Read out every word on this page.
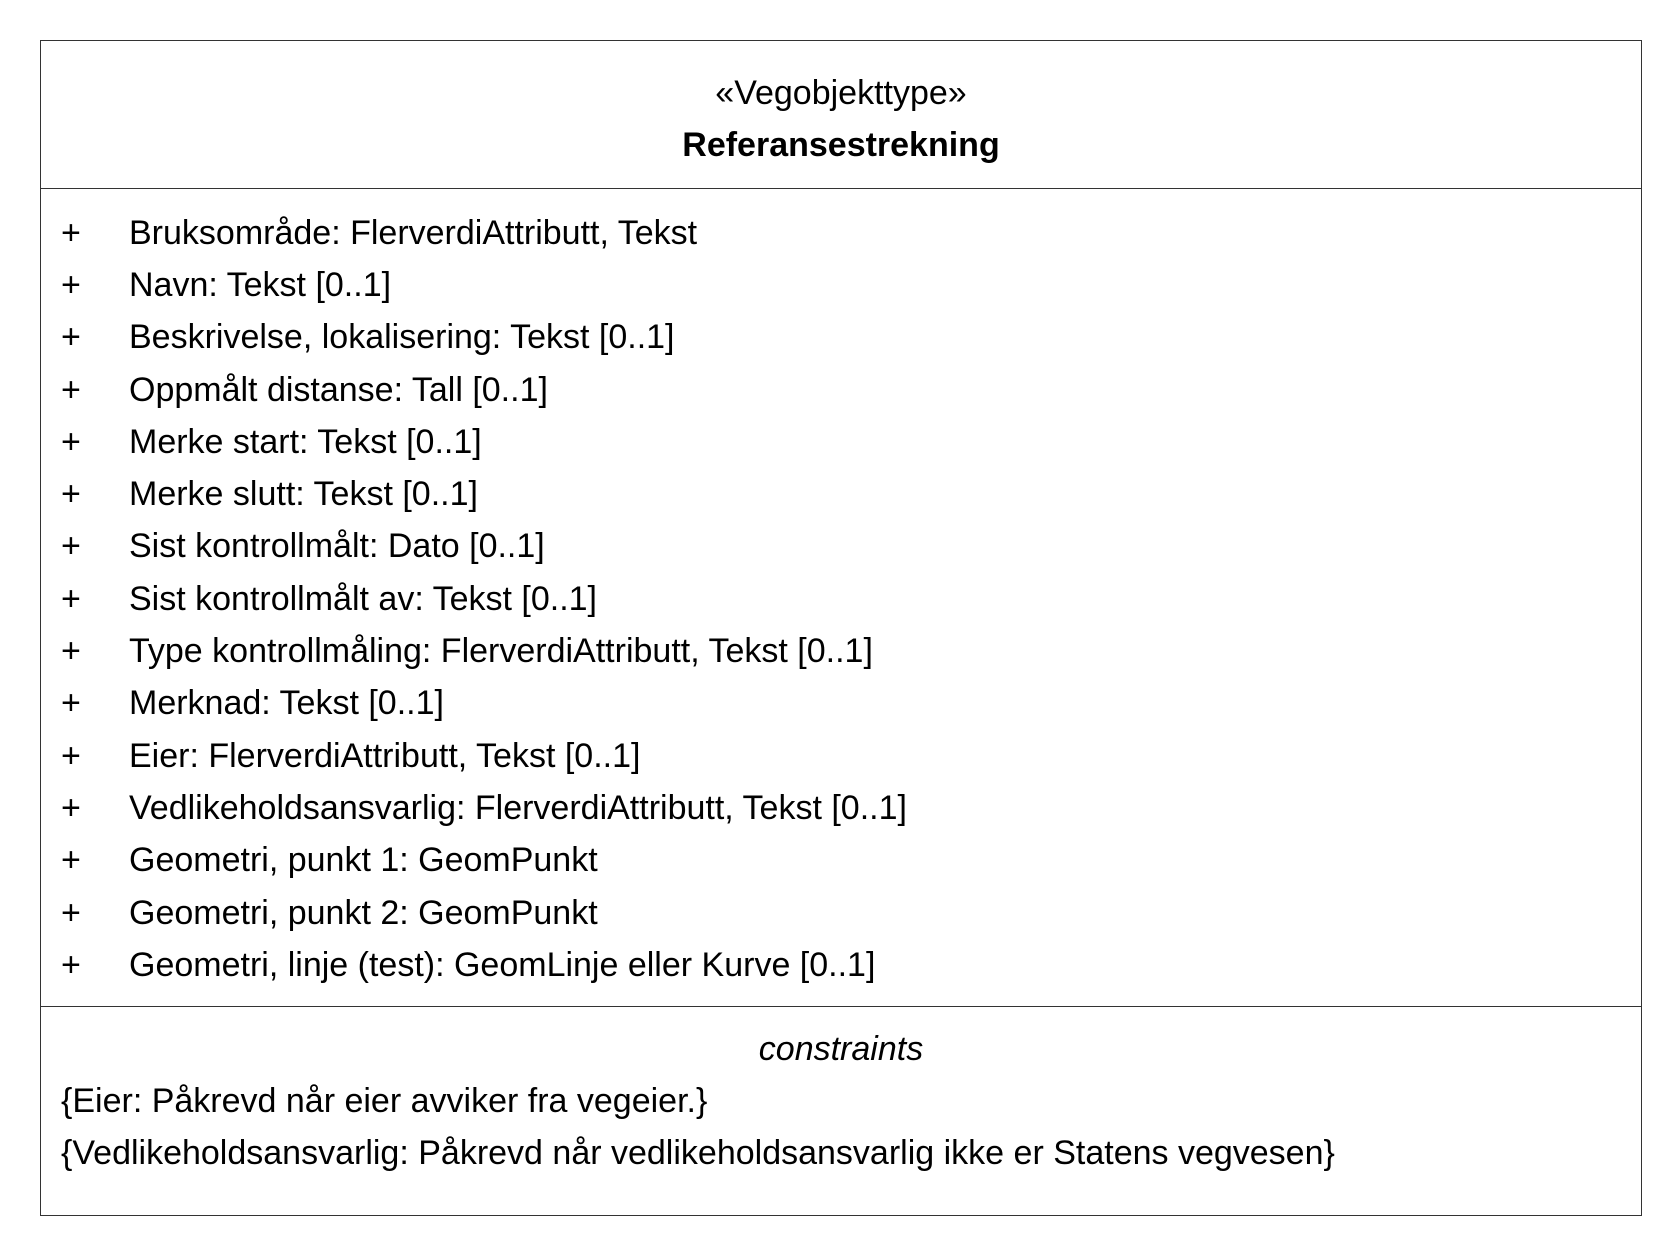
«Vegobjekttype»
Referansestrekning
+	Bruksområde: FlerverdiAttributt, Tekst
+	Navn: Tekst [0..1]
+	Beskrivelse, lokalisering: Tekst [0..1]
+	Oppmålt distanse: Tall [0..1]
+	Merke start: Tekst [0..1]
+	Merke slutt: Tekst [0..1]
+	Sist kontrollmålt: Dato [0..1]
+	Sist kontrollmålt av: Tekst [0..1]
+	Type kontrollmåling: FlerverdiAttributt, Tekst [0..1]
+	Merknad: Tekst [0..1]
+	Eier: FlerverdiAttributt, Tekst [0..1]
+	Vedlikeholdsansvarlig: FlerverdiAttributt, Tekst [0..1]
+	Geometri, punkt 1: GeomPunkt
+	Geometri, punkt 2: GeomPunkt
+	Geometri, linje (test): GeomLinje eller Kurve [0..1]
constraints
{Eier: Påkrevd når eier avviker fra vegeier.}
{Vedlikeholdsansvarlig: Påkrevd når vedlikeholdsansvarlig ikke er Statens vegvesen}
